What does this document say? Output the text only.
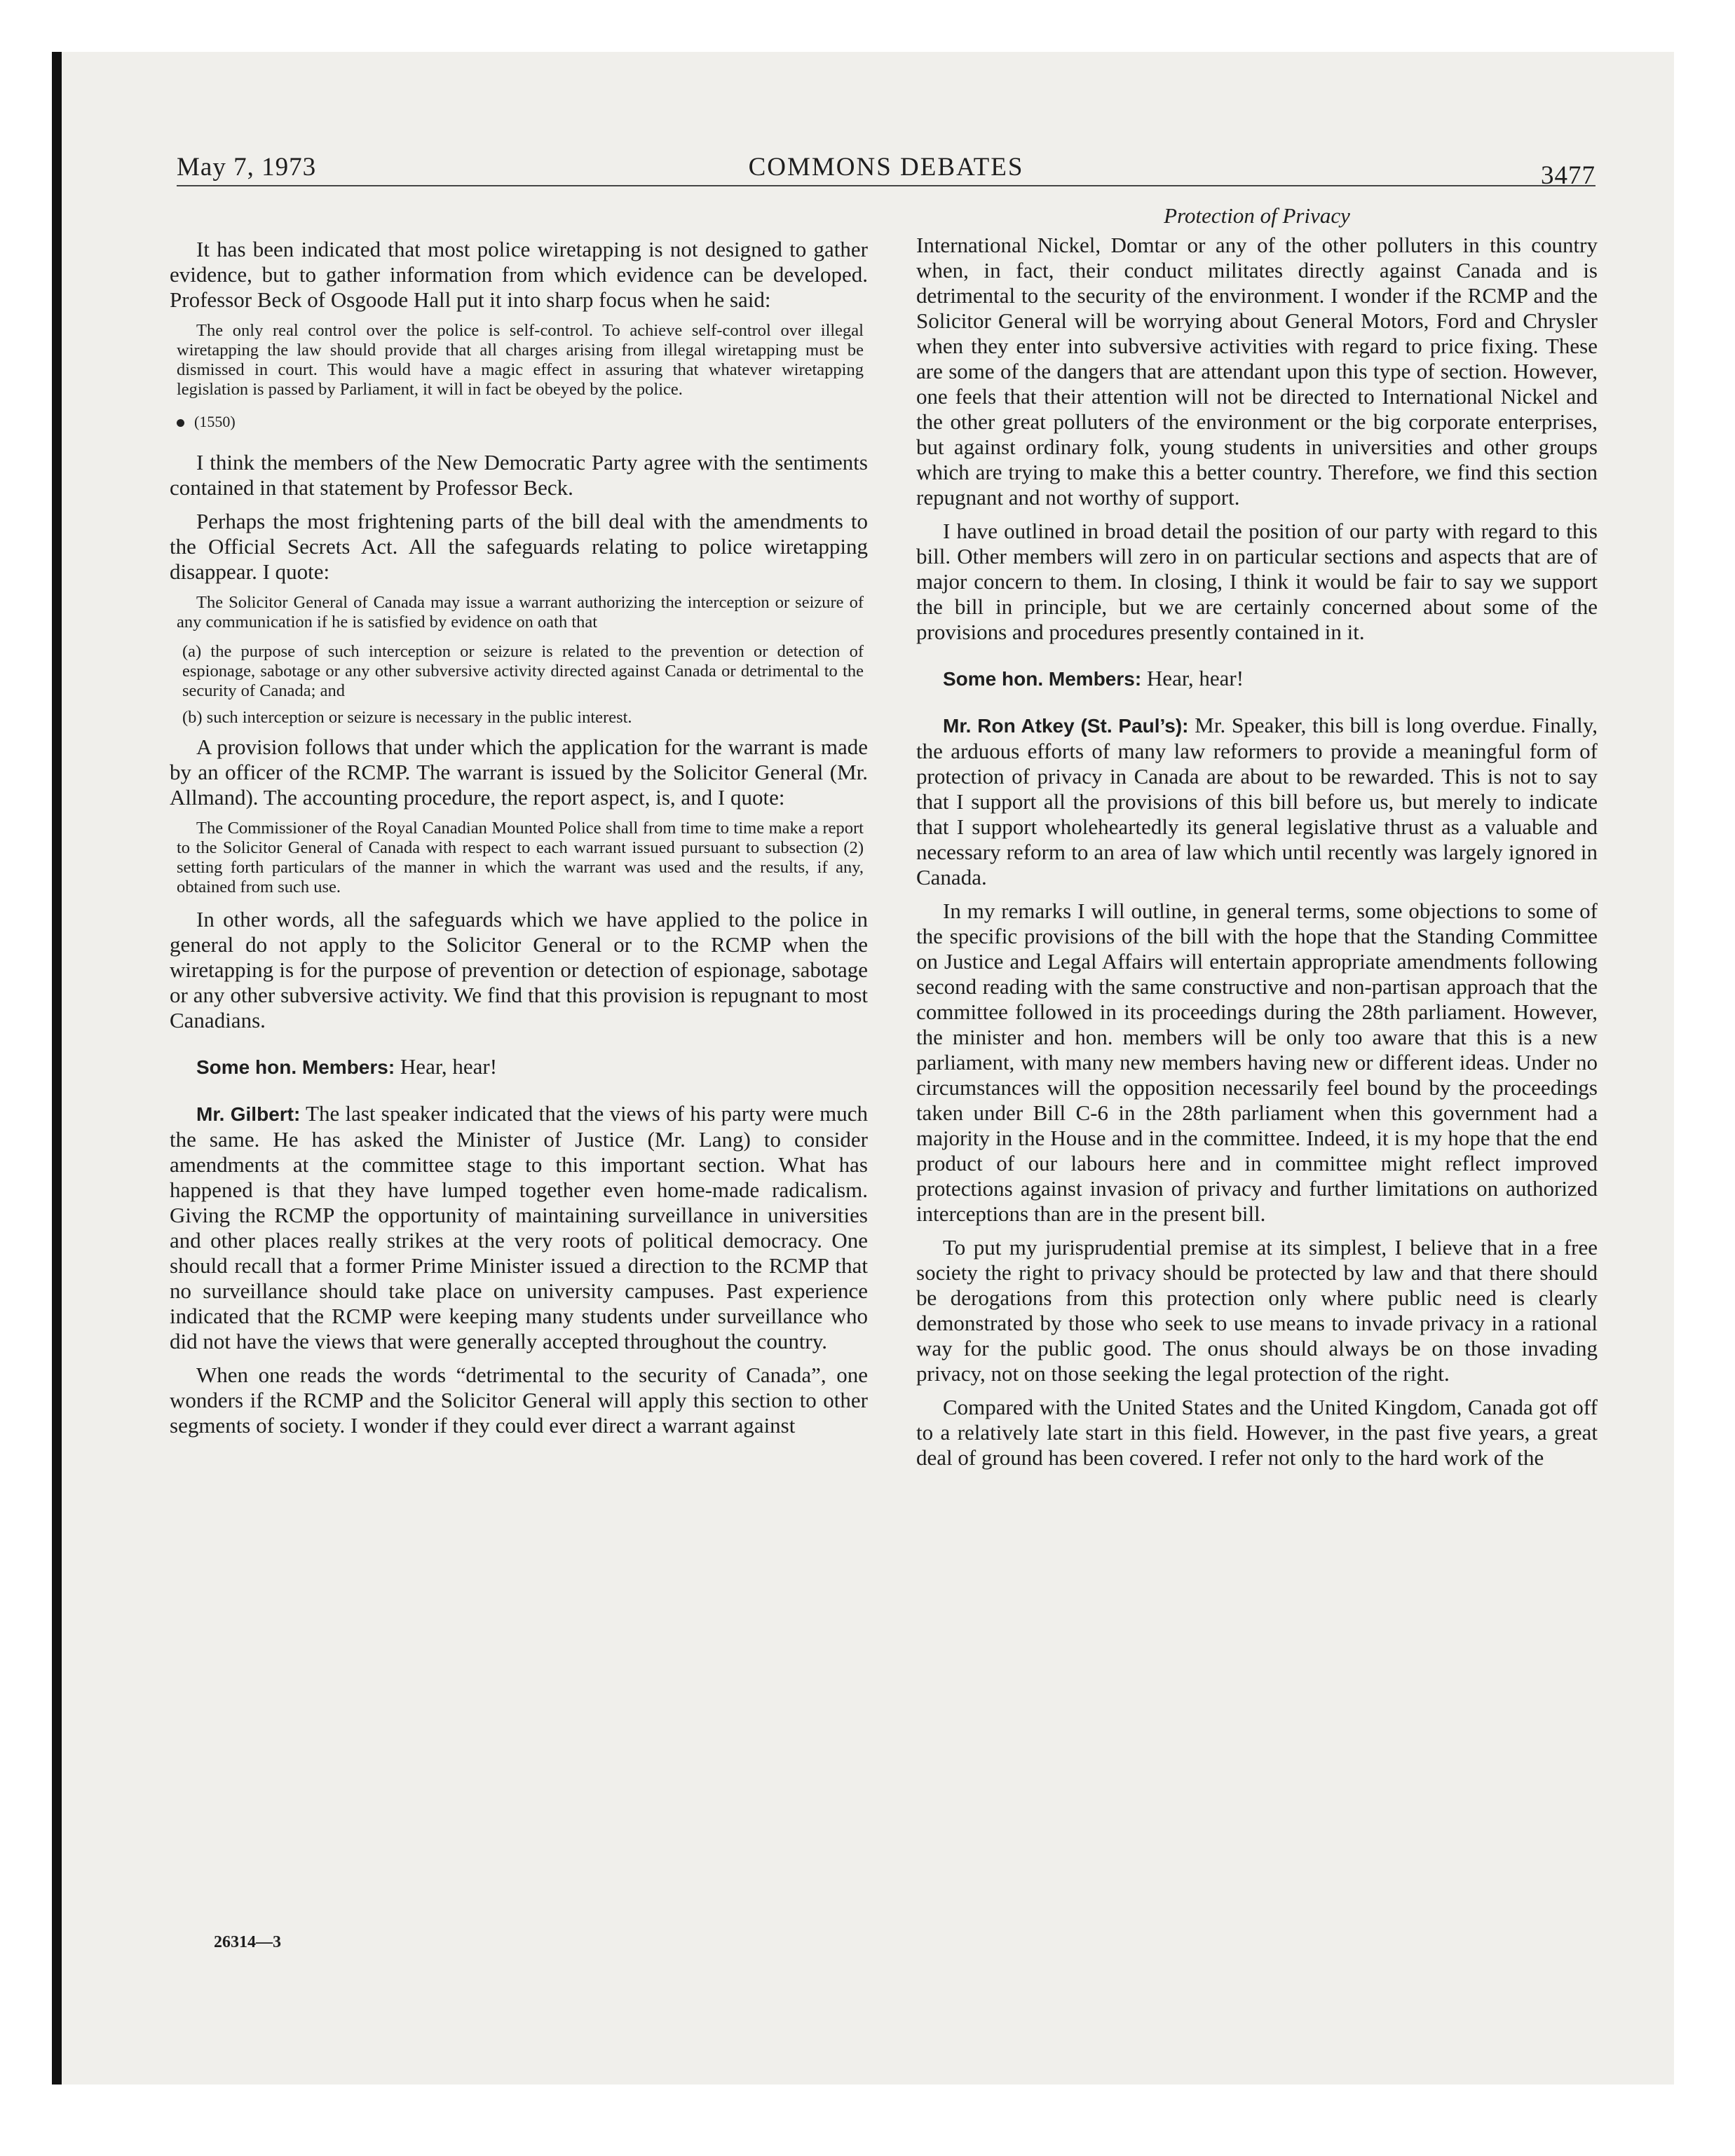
May 7, 1973	COMMONS DEBATES	3477

It has been indicated that most police wiretapping is not designed to gather evidence, but to gather information from which evidence can be developed. Professor Beck of Osgoode Hall put it into sharp focus when he said:

The only real control over the police is self-control. To achieve self-control over illegal wiretapping the law should provide that all charges arising from illegal wiretapping must be dismissed in court. This would have a magic effect in assuring that whatever wiretapping legislation is passed by Parliament, it will in fact be obeyed by the police.

(1550)

I think the members of the New Democratic Party agree with the sentiments contained in that statement by Professor Beck.

Perhaps the most frightening parts of the bill deal with the amendments to the Official Secrets Act. All the safeguards relating to police wiretapping disappear. I quote:

The Solicitor General of Canada may issue a warrant authorizing the interception or seizure of any communication if he is satisfied by evidence on oath that

(a) the purpose of such interception or seizure is related to the prevention or detection of espionage, sabotage or any other subversive activity directed against Canada or detrimental to the security of Canada; and

(b) such interception or seizure is necessary in the public interest.

A provision follows that under which the application for the warrant is made by an officer of the RCMP. The warrant is issued by the Solicitor General (Mr. Allmand). The accounting procedure, the report aspect, is, and I quote:

The Commissioner of the Royal Canadian Mounted Police shall from time to time make a report to the Solicitor General of Canada with respect to each warrant issued pursuant to subsection (2) setting forth particulars of the manner in which the warrant was used and the results, if any, obtained from such use.

In other words, all the safeguards which we have applied to the police in general do not apply to the Solicitor General or to the RCMP when the wiretapping is for the purpose of prevention or detection of espionage, sabotage or any other subversive activity. We find that this provision is repugnant to most Canadians.

Some hon. Members: Hear, hear!

Mr. Gilbert: The last speaker indicated that the views of his party were much the same. He has asked the Minister of Justice (Mr. Lang) to consider amendments at the committee stage to this important section. What has happened is that they have lumped together even home-made radicalism. Giving the RCMP the opportunity of maintaining surveillance in universities and other places really strikes at the very roots of political democracy. One should recall that a former Prime Minister issued a direction to the RCMP that no surveillance should take place on university campuses. Past experience indicated that the RCMP were keeping many students under surveillance who did not have the views that were generally accepted throughout the country.

When one reads the words “detrimental to the security of Canada”, one wonders if the RCMP and the Solicitor General will apply this section to other segments of society. I wonder if they could ever direct a warrant against

Protection of Privacy

International Nickel, Domtar or any of the other polluters in this country when, in fact, their conduct militates directly against Canada and is detrimental to the security of the environment. I wonder if the RCMP and the Solicitor General will be worrying about General Motors, Ford and Chrysler when they enter into subversive activities with regard to price fixing. These are some of the dangers that are attendant upon this type of section. However, one feels that their attention will not be directed to International Nickel and the other great polluters of the environment or the big corporate enterprises, but against ordinary folk, young students in universities and other groups which are trying to make this a better country. Therefore, we find this section repugnant and not worthy of support.

I have outlined in broad detail the position of our party with regard to this bill. Other members will zero in on particular sections and aspects that are of major concern to them. In closing, I think it would be fair to say we support the bill in principle, but we are certainly concerned about some of the provisions and procedures presently contained in it.

Some hon. Members: Hear, hear!

Mr. Ron Atkey (St. Paul’s): Mr. Speaker, this bill is long overdue. Finally, the arduous efforts of many law reformers to provide a meaningful form of protection of privacy in Canada are about to be rewarded. This is not to say that I support all the provisions of this bill before us, but merely to indicate that I support wholeheartedly its general legislative thrust as a valuable and necessary reform to an area of law which until recently was largely ignored in Canada.

In my remarks I will outline, in general terms, some objections to some of the specific provisions of the bill with the hope that the Standing Committee on Justice and Legal Affairs will entertain appropriate amendments following second reading with the same constructive and non-partisan approach that the committee followed in its proceedings during the 28th parliament. However, the minister and hon. members will be only too aware that this is a new parliament, with many new members having new or different ideas. Under no circumstances will the opposition necessarily feel bound by the proceedings taken under Bill C-6 in the 28th parliament when this government had a majority in the House and in the committee. Indeed, it is my hope that the end product of our labours here and in committee might reflect improved protections against invasion of privacy and further limitations on authorized interceptions than are in the present bill.

To put my jurisprudential premise at its simplest, I believe that in a free society the right to privacy should be protected by law and that there should be derogations from this protection only where public need is clearly demonstrated by those who seek to use means to invade privacy in a rational way for the public good. The onus should always be on those invading privacy, not on those seeking the legal protection of the right.

Compared with the United States and the United Kingdom, Canada got off to a relatively late start in this field. However, in the past five years, a great deal of ground has been covered. I refer not only to the hard work of the

26314—3
